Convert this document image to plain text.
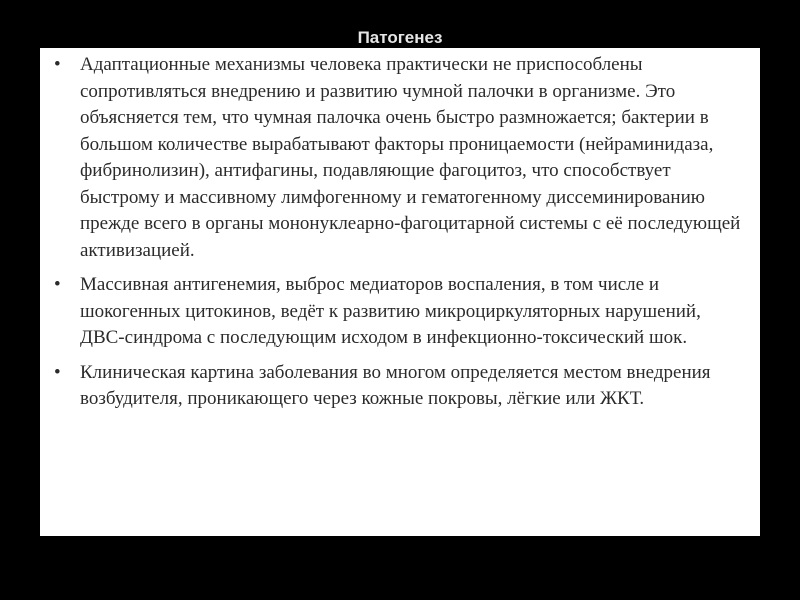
Патогенез
•	Адаптационные механизмы человека практически не приспособлены сопротивляться внедрению и развитию чумной палочки в организме. Это объясняется тем, что чумная палочка очень быстро размножается; бактерии в большом количестве вырабатывают факторы проницаемости (нейраминидаза, фибринолизин), антифагины, подавляющие фагоцитоз, что способствует быстрому и массивному лимфогенному и гематогенному диссеминированию прежде всего в органы мононуклеарно-фагоцитарной системы с её последующей активизацией.
•	Массивная антигенемия, выброс медиаторов воспаления, в том числе и шокогенных цитокинов, ведёт к развитию микроциркуляторных нарушений, ДВС-синдрома с последующим исходом в инфекционно-токсический шок.
•	Клиническая картина заболевания во многом определяется местом внедрения возбудителя, проникающего через кожные покровы, лёгкие или ЖКТ.
